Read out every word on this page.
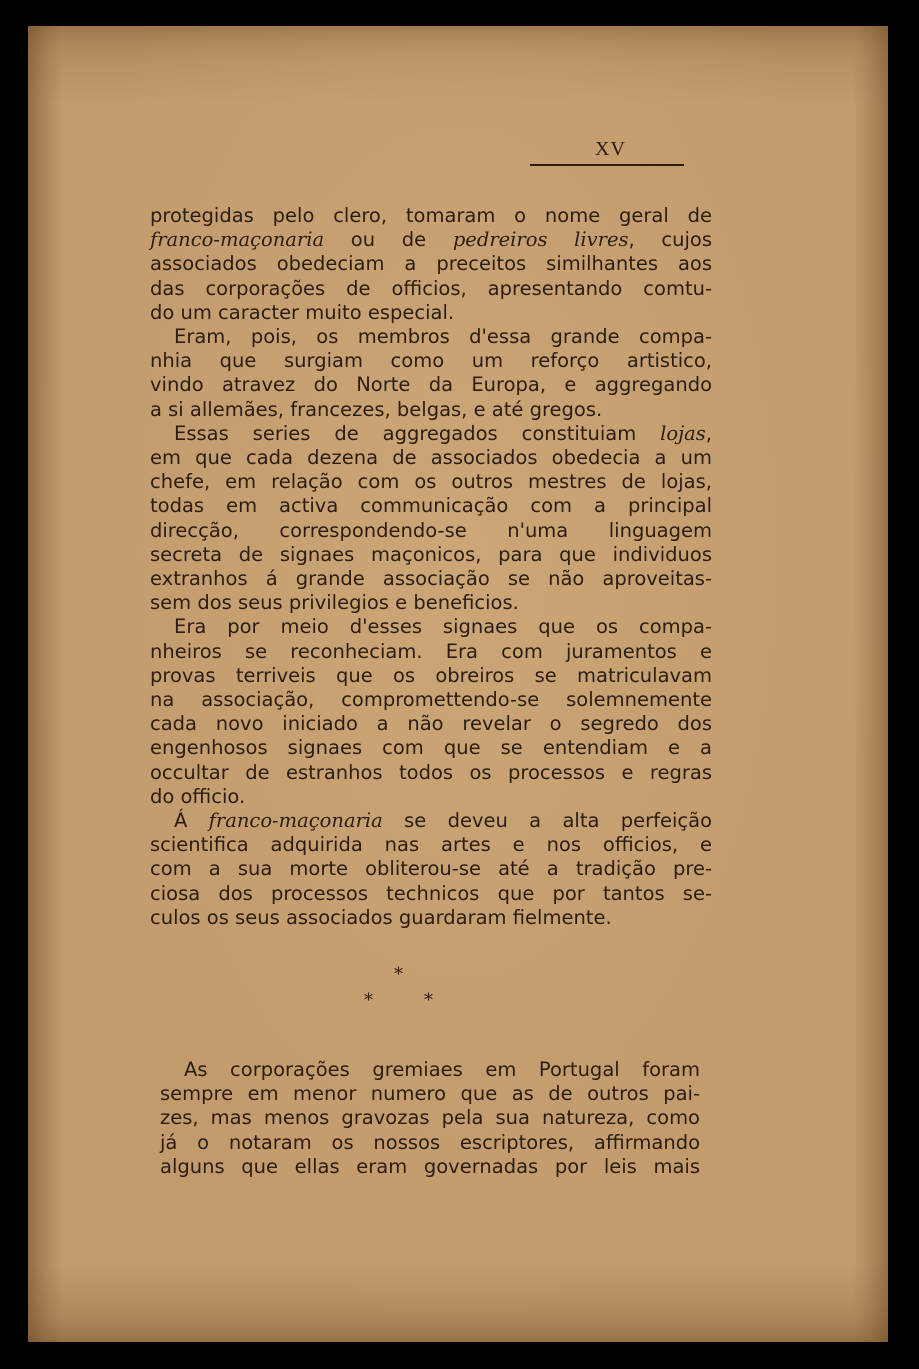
XV
protegidas pelo clero, tomaram o nome geral de
franco-maçonaria ou de pedreiros livres, cujos
associados obedeciam a preceitos similhantes aos
das corporações de officios, apresentando comtu-
do um caracter muito especial.
Eram, pois, os membros d'essa grande compa-
nhia que surgiam como um reforço artistico,
vindo atravez do Norte da Europa, e aggregando
a si allemães, francezes, belgas, e até gregos.
Essas series de aggregados constituiam lojas,
em que cada dezena de associados obedecia a um
chefe, em relação com os outros mestres de lojas,
todas em activa communicação com a principal
direcção, correspondendo-se n'uma linguagem
secreta de signaes maçonicos, para que individuos
extranhos á grande associação se não aproveitas-
sem dos seus privilegios e beneficios.
Era por meio d'esses signaes que os compa-
nheiros se reconheciam. Era com juramentos e
provas terriveis que os obreiros se matriculavam
na associação, compromettendo-se solemnemente
cada novo iniciado a não revelar o segredo dos
engenhosos signaes com que se entendiam e a
occultar de estranhos todos os processos e regras
do officio.
Á franco-maçonaria se deveu a alta perfeição
scientifica adquirida nas artes e nos officios, e
com a sua morte obliterou-se até a tradição pre-
ciosa dos processos technicos que por tantos se-
culos os seus associados guardaram fielmente.
*
*	*
As corporações gremiaes em Portugal foram
sempre em menor numero que as de outros pai-
zes, mas menos gravozas pela sua natureza, como
já o notaram os nossos escriptores, affirmando
alguns que ellas eram governadas por leis mais
